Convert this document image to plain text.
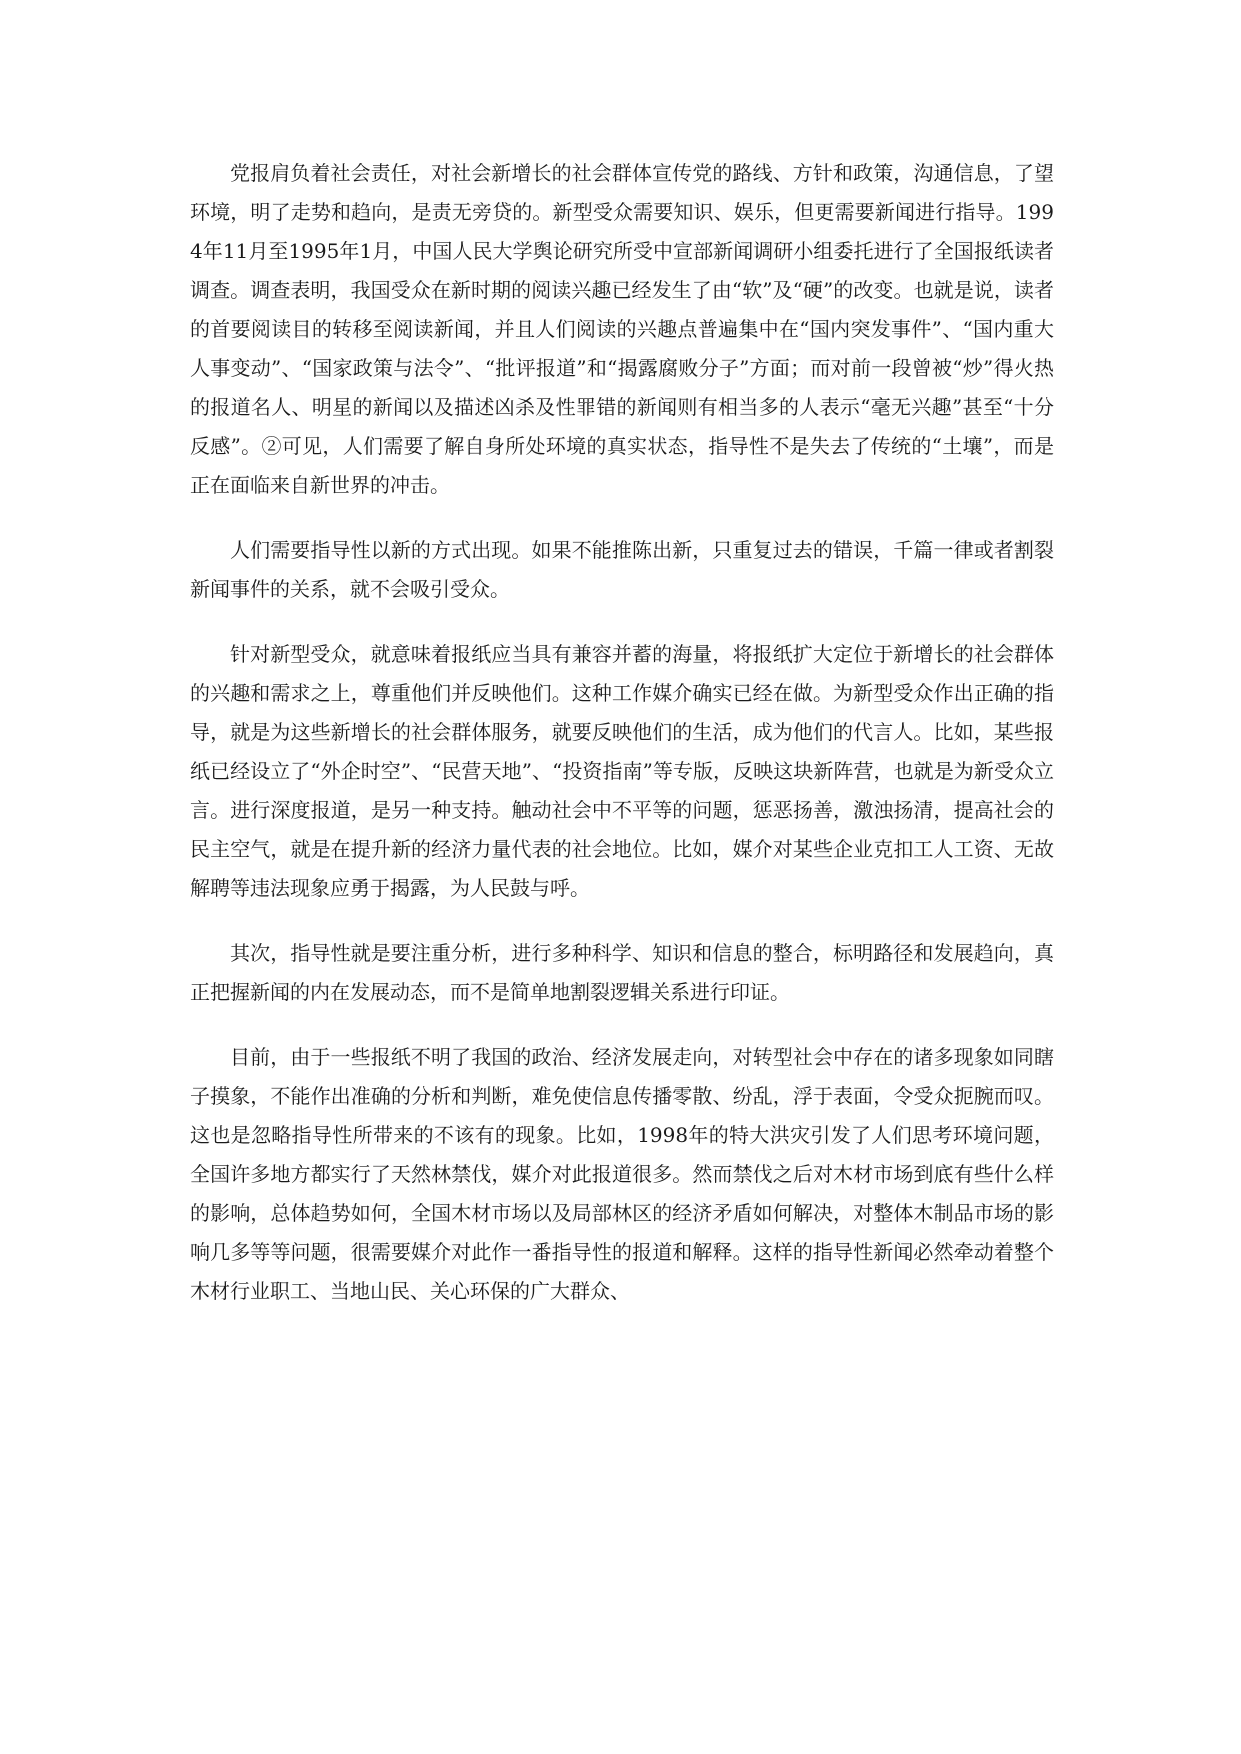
党报肩负着社会责任，对社会新增长的社会群体宣传党的路线、方针和政策，沟通信息，了望环境，明了走势和趋向，是责无旁贷的。新型受众需要知识、娱乐，但更需要新闻进行指导。1994年11月至1995年1月，中国人民大学舆论研究所受中宣部新闻调研小组委托进行了全国报纸读者调查。调查表明，我国受众在新时期的阅读兴趣已经发生了由“软”及“硬”的改变。也就是说，读者的首要阅读目的转移至阅读新闻，并且人们阅读的兴趣点普遍集中在“国内突发事件”、“国内重大人事变动”、“国家政策与法令”、“批评报道”和“揭露腐败分子”方面；而对前一段曾被“炒”得火热的报道名人、明星的新闻以及描述凶杀及性罪错的新闻则有相当多的人表示“毫无兴趣”甚至“十分反感”。②可见，人们需要了解自身所处环境的真实状态，指导性不是失去了传统的“土壤”，而是正在面临来自新世界的冲击。

人们需要指导性以新的方式出现。如果不能推陈出新，只重复过去的错误，千篇一律或者割裂新闻事件的关系，就不会吸引受众。

针对新型受众，就意味着报纸应当具有兼容并蓄的海量，将报纸扩大定位于新增长的社会群体的兴趣和需求之上，尊重他们并反映他们。这种工作媒介确实已经在做。为新型受众作出正确的指导，就是为这些新增长的社会群体服务，就要反映他们的生活，成为他们的代言人。比如，某些报纸已经设立了“外企时空”、“民营天地”、“投资指南”等专版，反映这块新阵营，也就是为新受众立言。进行深度报道，是另一种支持。触动社会中不平等的问题，惩恶扬善，激浊扬清，提高社会的民主空气，就是在提升新的经济力量代表的社会地位。比如，媒介对某些企业克扣工人工资、无故解聘等违法现象应勇于揭露，为人民鼓与呼。

其次，指导性就是要注重分析，进行多种科学、知识和信息的整合，标明路径和发展趋向，真正把握新闻的内在发展动态，而不是简单地割裂逻辑关系进行印证。

目前，由于一些报纸不明了我国的政治、经济发展走向，对转型社会中存在的诸多现象如同瞎子摸象，不能作出准确的分析和判断，难免使信息传播零散、纷乱，浮于表面，令受众扼腕而叹。这也是忽略指导性所带来的不该有的现象。比如，1998年的特大洪灾引发了人们思考环境问题，全国许多地方都实行了天然林禁伐，媒介对此报道很多。然而禁伐之后对木材市场到底有些什么样的影响，总体趋势如何，全国木材市场以及局部林区的经济矛盾如何解决，对整体木制品市场的影响几多等等问题，很需要媒介对此作一番指导性的报道和解释。这样的指导性新闻必然牵动着整个木材行业职工、当地山民、关心环保的广大群众、
